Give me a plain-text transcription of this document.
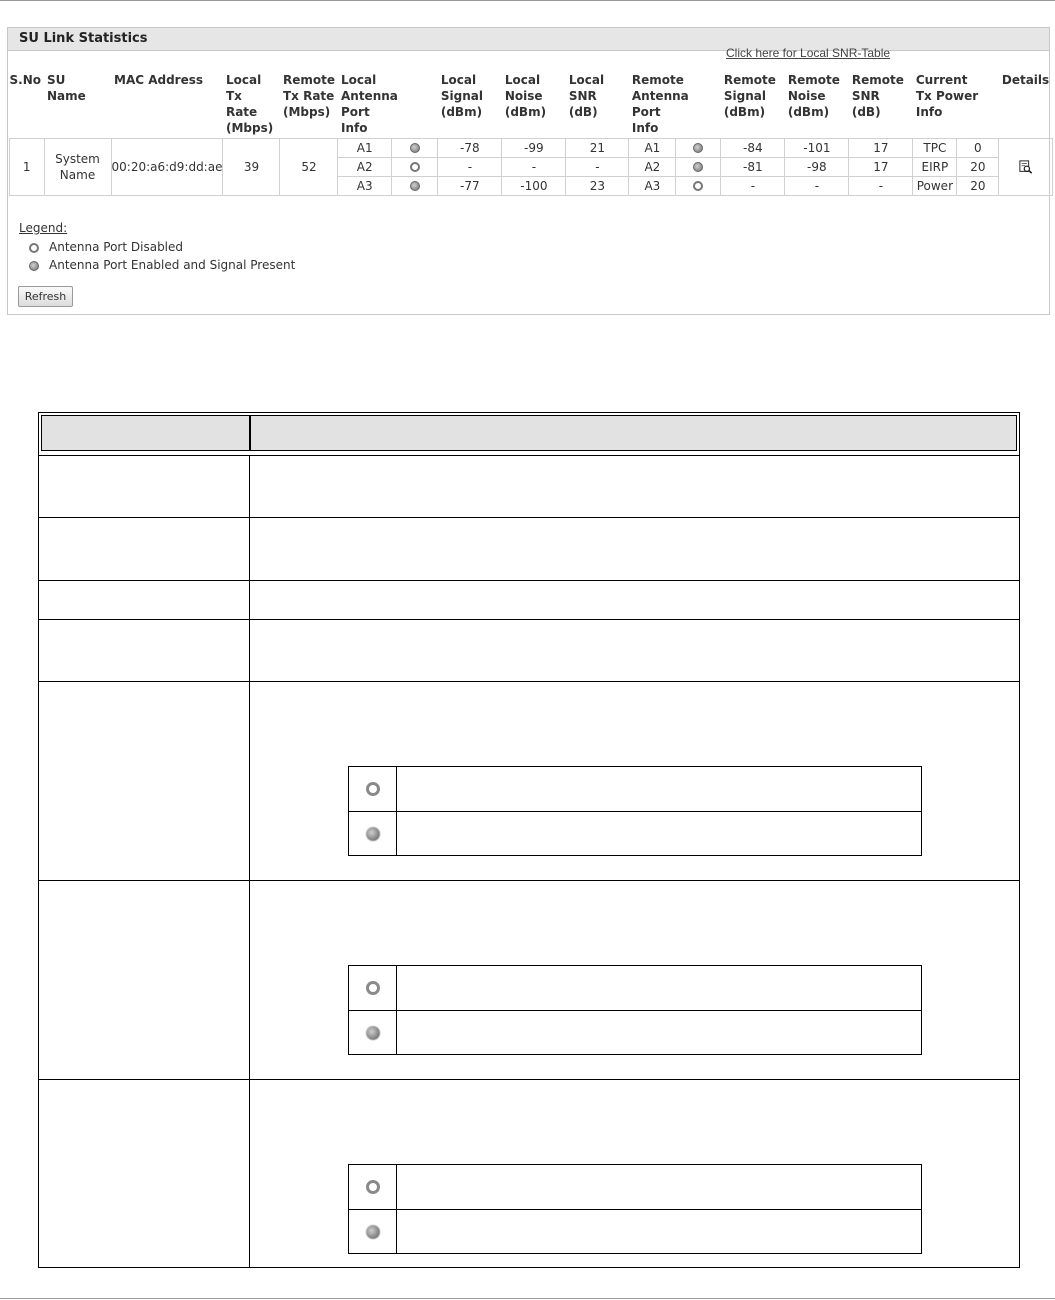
SU Link Statistics
Click here for Local SNR-Table
S.No	SU Name	MAC Address	Local Tx Rate (Mbps)	Remote Tx Rate (Mbps)	Local Antenna Port Info		Local Signal (dBm)	Local Noise (dBm)	Local SNR (dB)	Remote Antenna Port Info		Remote Signal (dBm)	Remote Noise (dBm)	Remote SNR (dB)	Current Tx Power Info		Details
1	System Name	00:20:a6:d9:dd:ae	39	52	A1		-78	-99	21	A1		-84	-101	17	TPC	0	
					A2		-	-	-	A2		-81	-98	17	EIRP	20	
					A3		-77	-100	23	A3		-	-	-	Power	20	
Legend:
Antenna Port Disabled
Antenna Port Enabled and Signal Present
Refresh
